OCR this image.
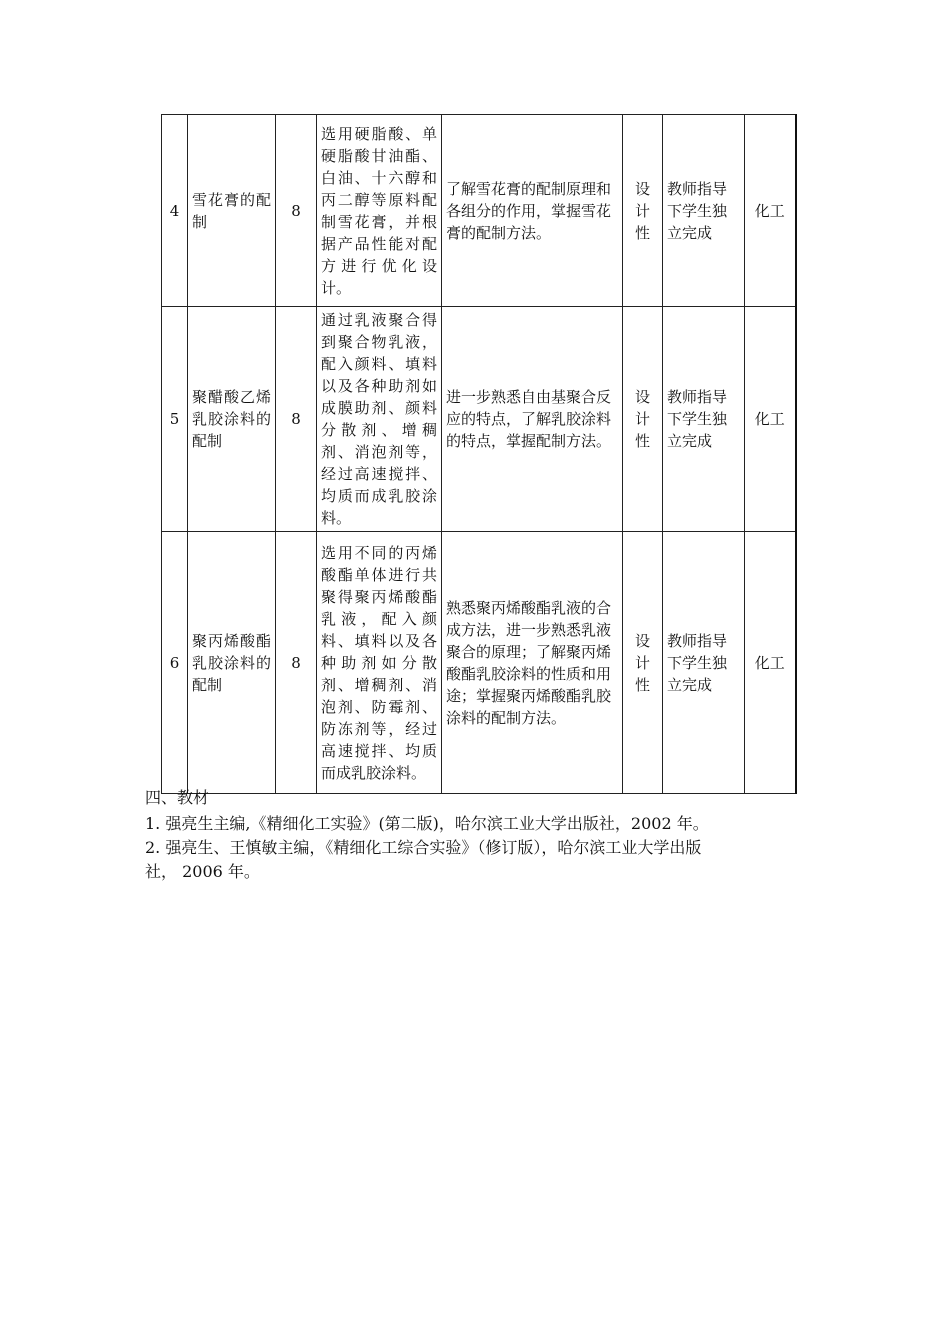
4	雪花膏的配制	8	选用硬脂酸、单硬脂酸甘油酯、白油、十六醇和丙二醇等原料配制雪花膏，并根据产品性能对配方进行优化设计。	了解雪花膏的配制原理和各组分的作用，掌握雪花膏的配制方法。	设计性	教师指导下学生独立完成	化工
5	聚醋酸乙烯乳胶涂料的配制	8	通过乳液聚合得到聚合物乳液，配入颜料、填料以及各种助剂如成膜助剂、颜料分散剂、增稠剂、消泡剂等，经过高速搅拌、均质而成乳胶涂料。	进一步熟悉自由基聚合反应的特点，了解乳胶涂料的特点，掌握配制方法。	设计性	教师指导下学生独立完成	化工
6	聚丙烯酸酯乳胶涂料的配制	8	选用不同的丙烯酸酯单体进行共聚得聚丙烯酸酯乳液，配入颜料、填料以及各种助剂如分散剂、增稠剂、消泡剂、防霉剂、防冻剂等，经过高速搅拌、均质而成乳胶涂料。	熟悉聚丙烯酸酯乳液的合成方法，进一步熟悉乳液聚合的原理；了解聚丙烯酸酯乳胶涂料的性质和用途；掌握聚丙烯酸酯乳胶涂料的配制方法。	设计性	教师指导下学生独立完成	化工
四、教材
1. 强亮生主编,《精细化工实验》(第二版)，哈尔滨工业大学出版社，2002 年。
2. 强亮生、王慎敏主编，《精细化工综合实验》（修订版），哈尔滨工业大学出版
社， 2006 年。
